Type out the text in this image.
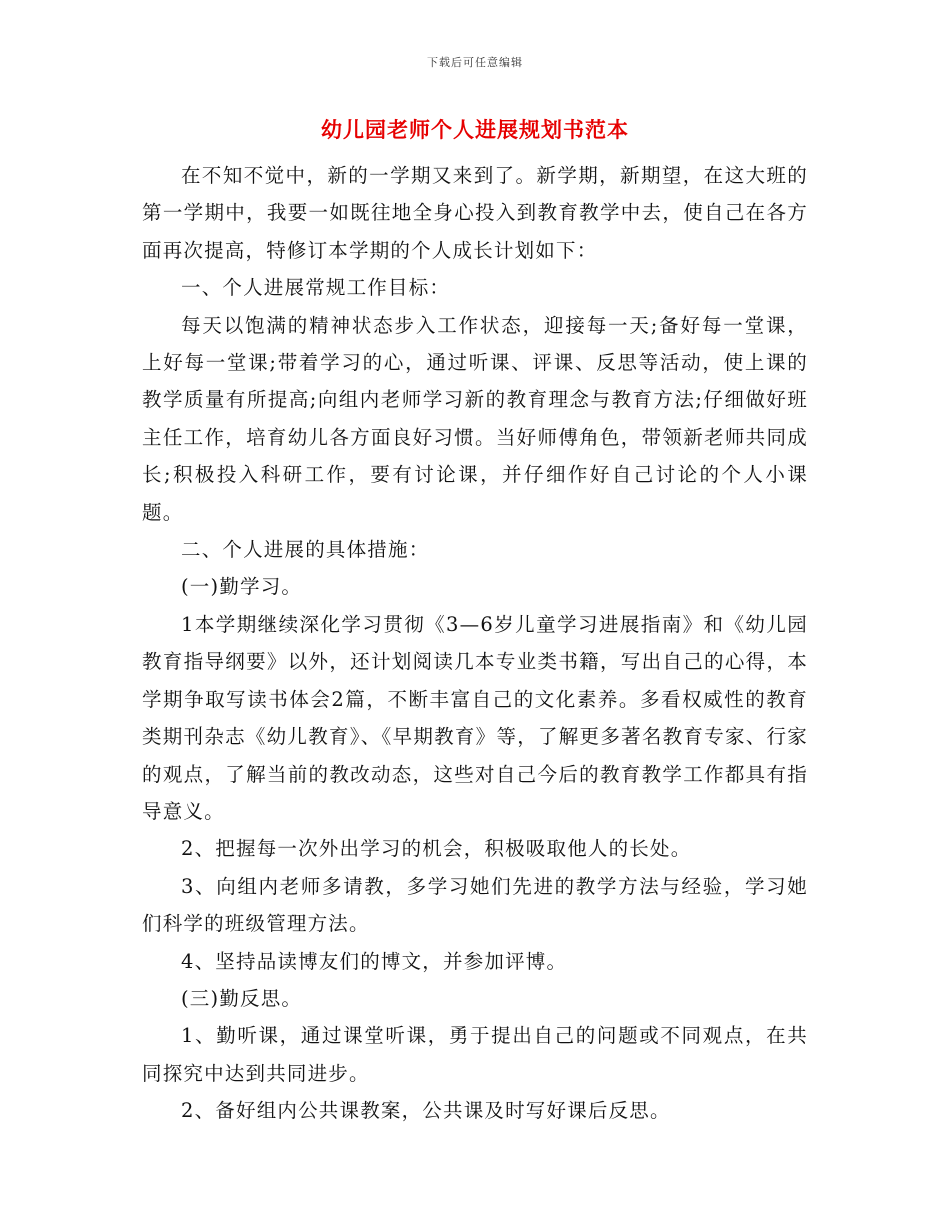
下载后可任意编辑
幼儿园老师个人进展规划书范本

在不知不觉中，新的一学期又来到了。新学期，新期望，在这大班的第一学期中，我要一如既往地全身心投入到教育教学中去，使自己在各方面再次提高，特修订本学期的个人成长计划如下：

一、个人进展常规工作目标：

每天以饱满的精神状态步入工作状态，迎接每一天;备好每一堂课，上好每一堂课;带着学习的心，通过听课、评课、反思等活动，使上课的教学质量有所提高;向组内老师学习新的教育理念与教育方法;仔细做好班主任工作，培育幼儿各方面良好习惯。当好师傅角色，带领新老师共同成长;积极投入科研工作，要有讨论课，并仔细作好自己讨论的个人小课题。

二、个人进展的具体措施：

(一)勤学习。

1本学期继续深化学习贯彻《3—6岁儿童学习进展指南》和《幼儿园教育指导纲要》以外，还计划阅读几本专业类书籍，写出自己的心得，本学期争取写读书体会2篇，不断丰富自己的文化素养。多看权威性的教育类期刊杂志《幼儿教育》、《早期教育》等，了解更多著名教育专家、行家的观点，了解当前的教改动态，这些对自己今后的教育教学工作都具有指导意义。

2、把握每一次外出学习的机会，积极吸取他人的长处。

3、向组内老师多请教，多学习她们先进的教学方法与经验，学习她们科学的班级管理方法。

4、坚持品读博友们的博文，并参加评博。

(三)勤反思。

1、勤听课，通过课堂听课，勇于提出自己的问题或不同观点，在共同探究中达到共同进步。

2、备好组内公共课教案，公共课及时写好课后反思。
